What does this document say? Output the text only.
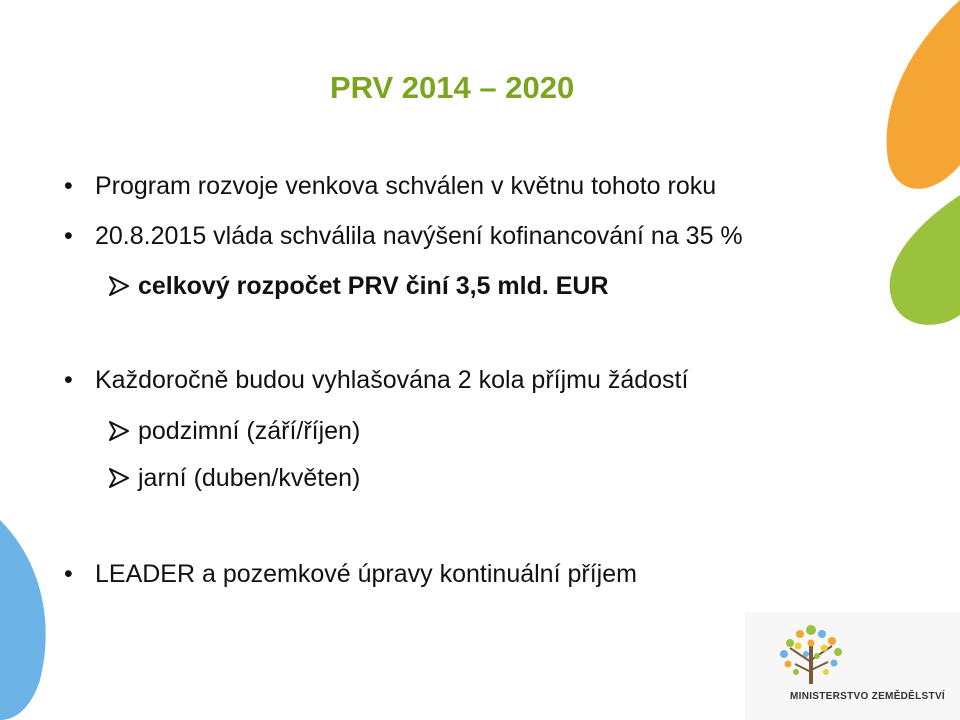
PRV 2014 – 2020
• Program rozvoje venkova schválen v květnu tohoto roku
• 20.8.2015 vláda schválila navýšení kofinancování na 35 %
celkový rozpočet PRV činí 3,5 mld. EUR
• Každoročně budou vyhlašována 2 kola příjmu žádostí
podzimní (září/říjen)
jarní (duben/květen)
• LEADER a pozemkové úpravy kontinuální příjem
MINISTERSTVO ZEMĚDĚLSTVÍ
